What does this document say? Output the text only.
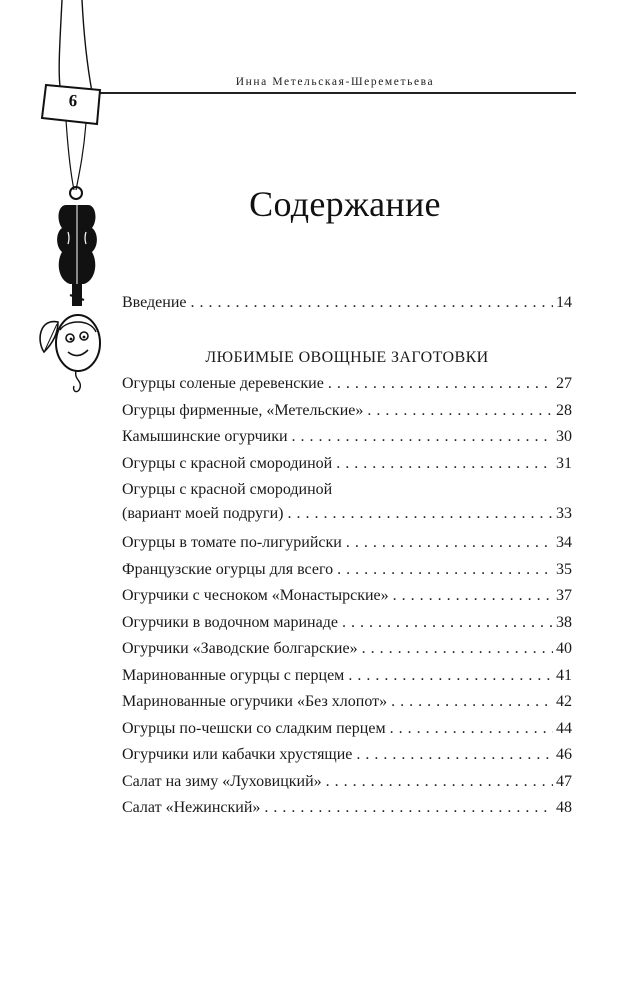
Инна Метельская-Шереметьева
6
Содержание
Введение . . .	14
ЛЮБИМЫЕ ОВОЩНЫЕ ЗАГОТОВКИ
Огурцы соленые деревенские . . .	27
Огурцы фирменные, «Метельские» . . .	28
Камышинские огурчики . . .	30
Огурцы с красной смородиной . . .	31
Огурцы с красной смородиной
(вариант моей подруги) . . .	33
Огурцы в томате по-лигурийски . . .	34
Французские огурцы для всего . . .	35
Огурчики с чесноком «Монастырские» . . .	37
Огурчики в водочном маринаде . . .	38
Огурчики «Заводские болгарские» . . .	40
Маринованные огурцы с перцем . . .	41
Маринованные огурчики «Без хлопот» . . .	42
Огурцы по-чешски со сладким перцем . . .	44
Огурчики или кабачки хрустящие . . .	46
Салат на зиму «Луховицкий» . . .	47
Салат «Нежинский» . . .	48
